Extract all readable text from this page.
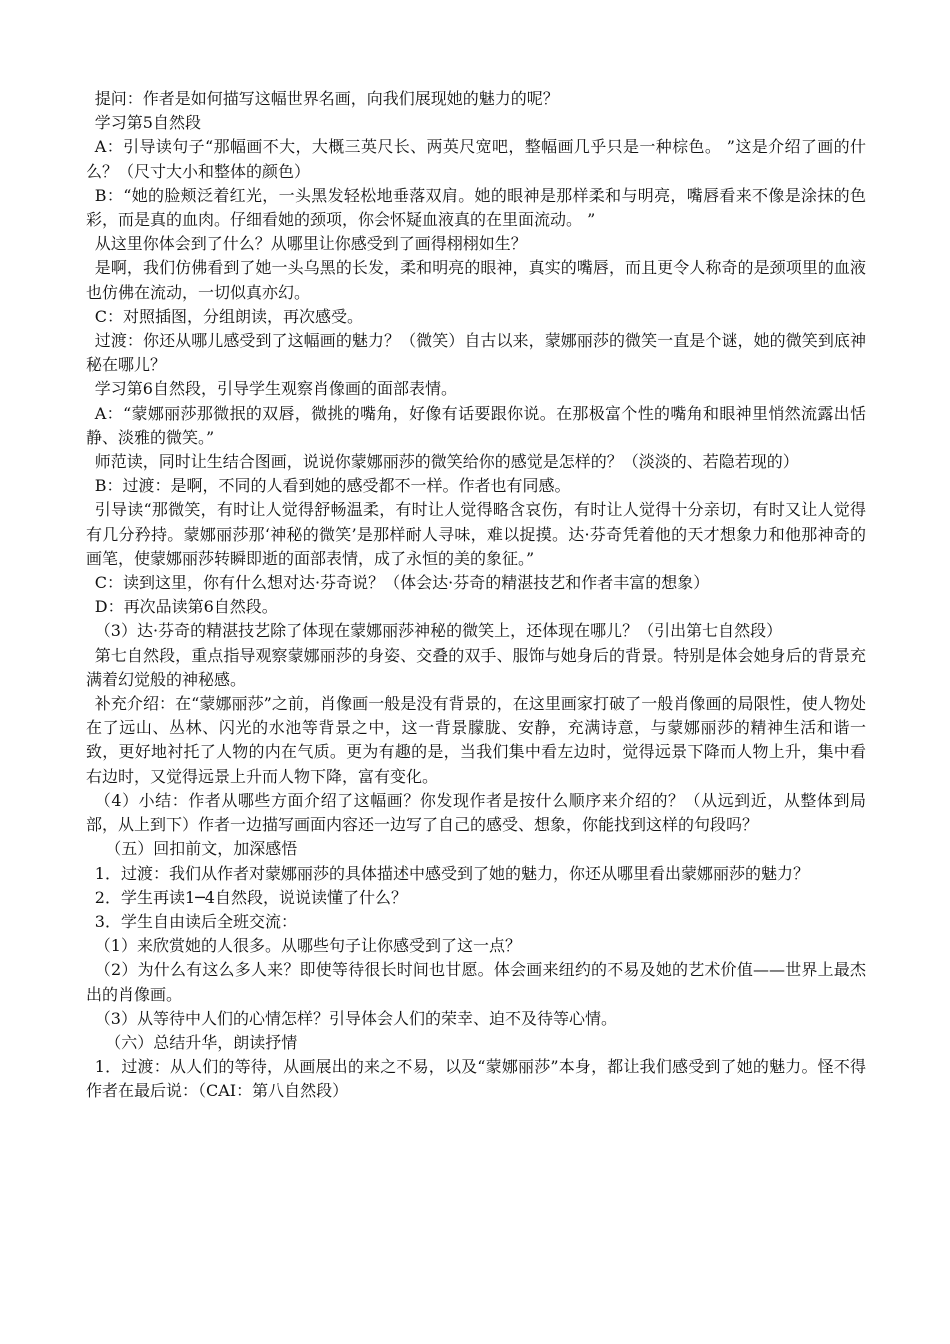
提问：作者是如何描写这幅世界名画，向我们展现她的魅力的呢？

学习第5自然段

A：引导读句子“那幅画不大，大概三英尺长、两英尺宽吧，整幅画几乎只是一种棕色。 ”这是介绍了画的什么？（尺寸大小和整体的颜色）

B：“她的脸颊泛着红光，一头黑发轻松地垂落双肩。她的眼神是那样柔和与明亮，嘴唇看来不像是涂抹的色彩，而是真的血肉。仔细看她的颈项，你会怀疑血液真的在里面流动。 ”

从这里你体会到了什么？从哪里让你感受到了画得栩栩如生？

是啊，我们仿佛看到了她一头乌黑的长发，柔和明亮的眼神，真实的嘴唇，而且更令人称奇的是颈项里的血液也仿佛在流动，一切似真亦幻。

C：对照插图，分组朗读，再次感受。

过渡：你还从哪儿感受到了这幅画的魅力？（微笑）自古以来，蒙娜丽莎的微笑一直是个谜，她的微笑到底神秘在哪儿？

学习第6自然段，引导学生观察肖像画的面部表情。

A：“蒙娜丽莎那微抿的双唇，微挑的嘴角，好像有话要跟你说。在那极富个性的嘴角和眼神里悄然流露出恬静、淡雅的微笑。”

师范读，同时让生结合图画，说说你蒙娜丽莎的微笑给你的感觉是怎样的？（淡淡的、若隐若现的）

B：过渡：是啊，不同的人看到她的感受都不一样。作者也有同感。

引导读“那微笑，有时让人觉得舒畅温柔，有时让人觉得略含哀伤，有时让人觉得十分亲切，有时又让人觉得有几分矜持。蒙娜丽莎那‘神秘的微笑’是那样耐人寻味，难以捉摸。达·芬奇凭着他的天才想象力和他那神奇的画笔，使蒙娜丽莎转瞬即逝的面部表情，成了永恒的美的象征。”

C：读到这里，你有什么想对达·芬奇说？（体会达·芬奇的精湛技艺和作者丰富的想象）

D：再次品读第6自然段。

（3）达·芬奇的精湛技艺除了体现在蒙娜丽莎神秘的微笑上，还体现在哪儿？（引出第七自然段）

第七自然段，重点指导观察蒙娜丽莎的身姿、交叠的双手、服饰与她身后的背景。特别是体会她身后的背景充满着幻觉般的神秘感。

补充介绍：在“蒙娜丽莎”之前，肖像画一般是没有背景的，在这里画家打破了一般肖像画的局限性，使人物处在了远山、丛林、闪光的水池等背景之中，这一背景朦胧、安静，充满诗意，与蒙娜丽莎的精神生活和谐一致，更好地衬托了人物的内在气质。更为有趣的是，当我们集中看左边时，觉得远景下降而人物上升，集中看右边时，又觉得远景上升而人物下降，富有变化。

（4）小结：作者从哪些方面介绍了这幅画？你发现作者是按什么顺序来介绍的？（从远到近，从整体到局部，从上到下）作者一边描写画面内容还一边写了自己的感受、想象，你能找到这样的句段吗？

（五）回扣前文，加深感悟

1．过渡：我们从作者对蒙娜丽莎的具体描述中感受到了她的魅力，你还从哪里看出蒙娜丽莎的魅力？

2．学生再读1─4自然段，说说读懂了什么？

3．学生自由读后全班交流：

（1）来欣赏她的人很多。从哪些句子让你感受到了这一点？

（2）为什么有这么多人来？即使等待很长时间也甘愿。体会画来纽约的不易及她的艺术价值——世界上最杰出的肖像画。

（3）从等待中人们的心情怎样？引导体会人们的荣幸、迫不及待等心情。

（六）总结升华，朗读抒情

1．过渡：从人们的等待，从画展出的来之不易，以及“蒙娜丽莎”本身，都让我们感受到了她的魅力。怪不得作者在最后说：（CAI：第八自然段）
